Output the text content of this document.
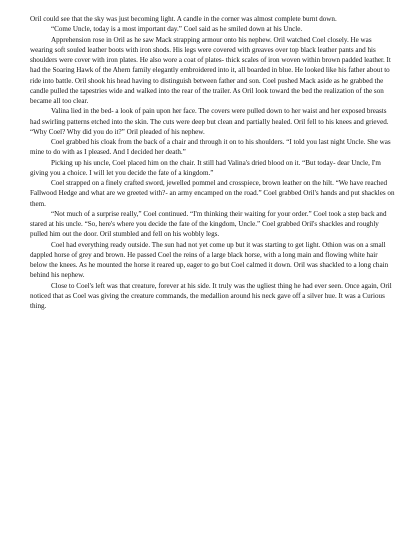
Oril could see that the sky was just becoming light. A candle in the corner was almost complete burnt down.

“Come Uncle, today is a most important day.” Coel said as he smiled down at his Uncle.

Apprehension rose in Oril as he saw Mack strapping armour onto his nephew. Oril watched Coel closely. He was wearing soft souled leather boots with iron shods. His legs were covered with greaves over top black leather pants and his shoulders were cover with iron plates. He also wore a coat of plates- thick scales of iron woven within brown padded leather. It had the Soaring Hawk of the Ahern family elegantly embroidered into it, all boarded in blue. He looked like his father about to ride into battle. Oril shook his head having to distinguish between father and son. Coel pushed Mack aside as he grabbed the candle pulled the tapestries wide and walked into the rear of the trailer. As Oril look toward the bed the realization of the son became all too clear.

Valina lied in the bed- a look of pain upon her face. The covers were pulled down to her waist and her exposed breasts had swirling patterns etched into the skin. The cuts were deep but clean and partially healed. Oril fell to his knees and grieved. “Why Coel? Why did you do it?” Oril pleaded of his nephew.

Coel grabbed his cloak from the back of a chair and through it on to his shoulders. “I told you last night Uncle. She was mine to do with as I pleased. And I decided her death.”

Picking up his uncle, Coel placed him on the chair. It still had Valina's dried blood on it. “But today- dear Uncle, I'm giving you a choice. I will let you decide the fate of a kingdom.”

Coel strapped on a finely crafted sword, jewelled pommel and crosspiece, brown leather on the hilt. “We have reached Fallwood Hedge and what are we greeted with?- an army encamped on the road.” Coel grabbed Oril's hands and put shackles on them.

“Not much of a surprise really,” Coel continued. “I'm thinking their waiting for your order.” Coel took a step back and stared at his uncle. “So, here's where you decide the fate of the kingdom, Uncle.” Coel grabbed Oril's shackles and roughly pulled him out the door. Oril stumbled and fell on his wobbly legs.

Coel had everything ready outside. The sun had not yet come up but it was starting to get light. Othion was on a small dappled horse of grey and brown. He passed Coel the reins of a large black horse, with a long main and flowing white hair below the knees. As he mounted the horse it reared up, eager to go but Coel calmed it down. Oril was shackled to a long chain behind his nephew.

Close to Coel's left was that creature, forever at his side. It truly was the ugliest thing he had ever seen. Once again, Oril noticed that as Coel was giving the creature commands, the medallion around his neck gave off a silver hue. It was a Curious thing.
